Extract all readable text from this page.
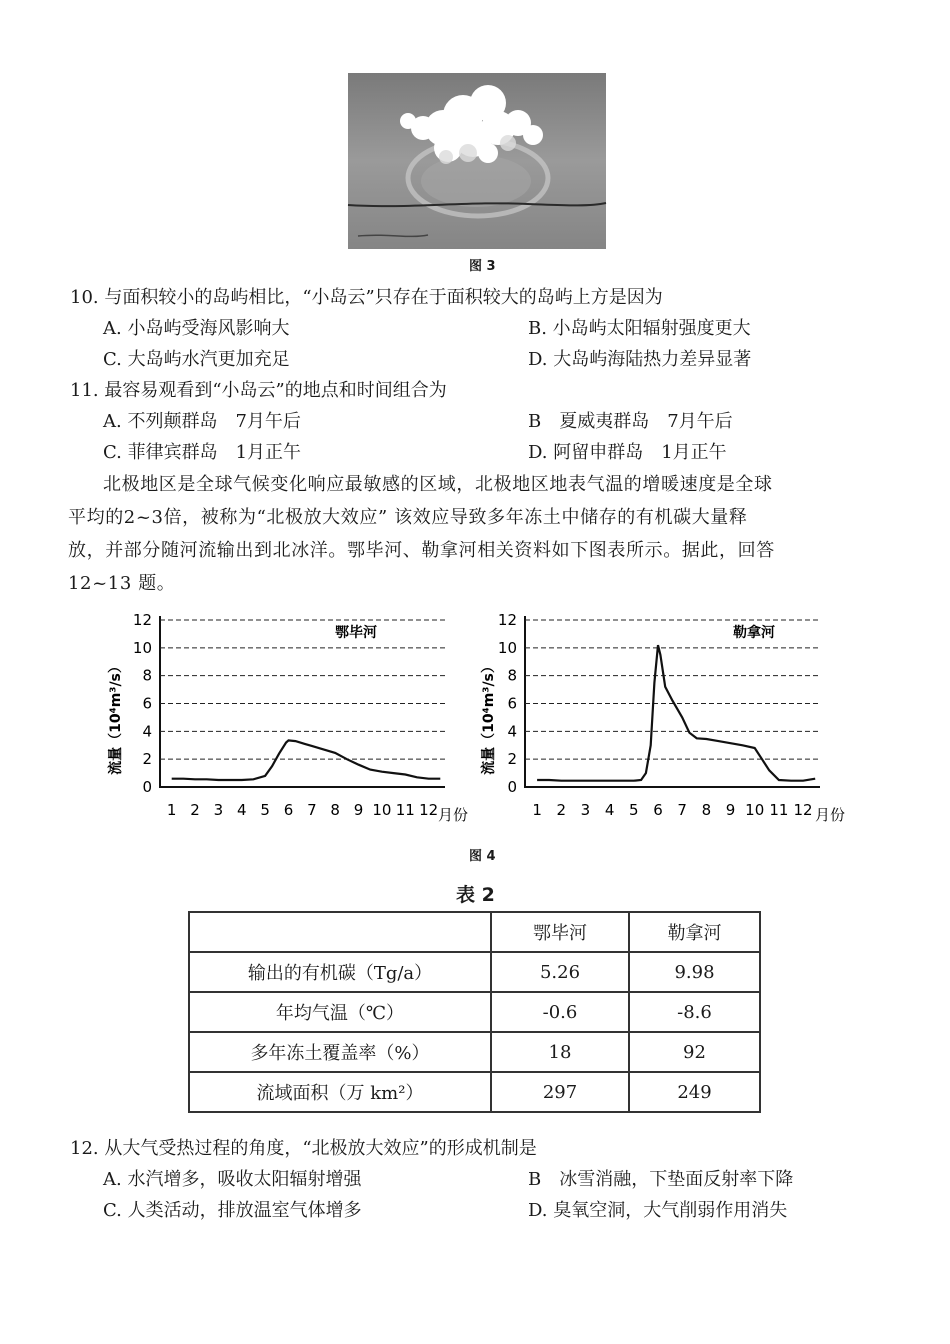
图 3
10. 与面积较小的岛屿相比，“小岛云”只存在于面积较大的岛屿上方是因为
A. 小岛屿受海风影响大	B. 小岛屿太阳辐射强度更大
C. 大岛屿水汽更加充足	D. 大岛屿海陆热力差异显著
11. 最容易观看到“小岛云”的地点和时间组合为
A. 不列颠群岛　7月午后	B　夏威夷群岛　7月午后
C. 菲律宾群岛　1月正午	D. 阿留申群岛　1月正午
北极地区是全球气候变化响应最敏感的区域，北极地区地表气温的增暖速度是全球
平均的2~3倍，被称为“北极放大效应” 该效应导致多年冻土中储存的有机碳大量释
放，并部分随河流输出到北冰洋。鄂毕河、勒拿河相关资料如下图表所示。据此，回答
12~13 题。
0
2
4
6
8
10
12
1 2 3 4 5 6 7 8 9 10 11 12
鄂毕河
月份
流量（10⁴m³/s）
0
2
4
6
8
10
12
1 2 3 4 5 6 7 8 9 10 11 12
勒拿河
月份
流量（10⁴m³/s）
图 4
表 2
	鄂毕河	勒拿河
输出的有机碳（Tg/a）	5.26	9.98
年均气温（℃）	-0.6	-8.6
多年冻土覆盖率（%）	18	92
流域面积（万 km²）	297	249
12. 从大气受热过程的角度，“北极放大效应”的形成机制是
A. 水汽增多，吸收太阳辐射增强	B　冰雪消融，下垫面反射率下降
C. 人类活动，排放温室气体增多	D. 臭氧空洞，大气削弱作用消失
